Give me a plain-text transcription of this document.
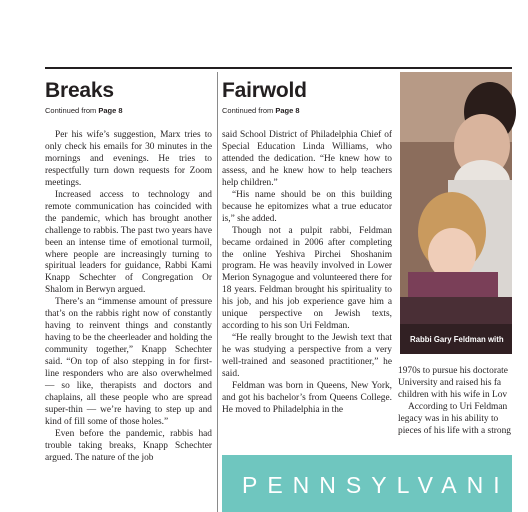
Breaks
Continued from Page 8

Per his wife’s suggestion, Marx tries to only check his emails for 30 minutes in the mornings and evenings. He tries to respectfully turn down requests for Zoom meetings.

Increased access to technology and remote communication has coincided with the pandemic, which has brought another challenge to rabbis. The past two years have been an intense time of emotional turmoil, where people are increasingly turning to spiritual leaders for guidance, Rabbi Kami Knapp Schechter of Congregation Or Shalom in Berwyn argued.

There’s an “immense amount of pressure that’s on the rabbis right now of constantly having to reinvent things and constantly having to be the cheerleader and holding the community together,” Knapp Schechter said. “On top of also stepping in for first-line responders who are also overwhelmed — so like, therapists and doctors and chaplains, all these people who are spread super-thin — we’re having to step up and kind of fill some of those holes.”

Even before the pandemic, rabbis had trouble taking breaks, Knapp Schechter argued. The nature of the job

Fairwold
Continued from Page 8

said School District of Philadelphia Chief of Special Education Linda Williams, who attended the dedication. “He knew how to assess, and he knew how to help teachers help children.”

“His name should be on this building because he epitomizes what a true educator is,” she added.

Though not a pulpit rabbi, Feldman became ordained in 2006 after completing the online Yeshiva Pirchei Shoshanim program. He was heavily involved in Lower Merion Synagogue and volunteered there for 18 years. Feldman brought his spirituality to his job, and his job experience gave him a unique perspective on Jewish texts, according to his son Uri Feldman.

“He really brought to the Jewish text that he was studying a perspective from a very well-trained and seasoned practitioner,” he said.

Feldman was born in Queens, New York, and got his bachelor’s from Queens College. He moved to Philadelphia in the

Rabbi Gary Feldman with

1970s to pursue his doctorate

University and raised his fa

children with his wife in Lov

According to Uri Feldman

legacy was in his ability to

pieces of his life with a strong

PENNSYLVANI
